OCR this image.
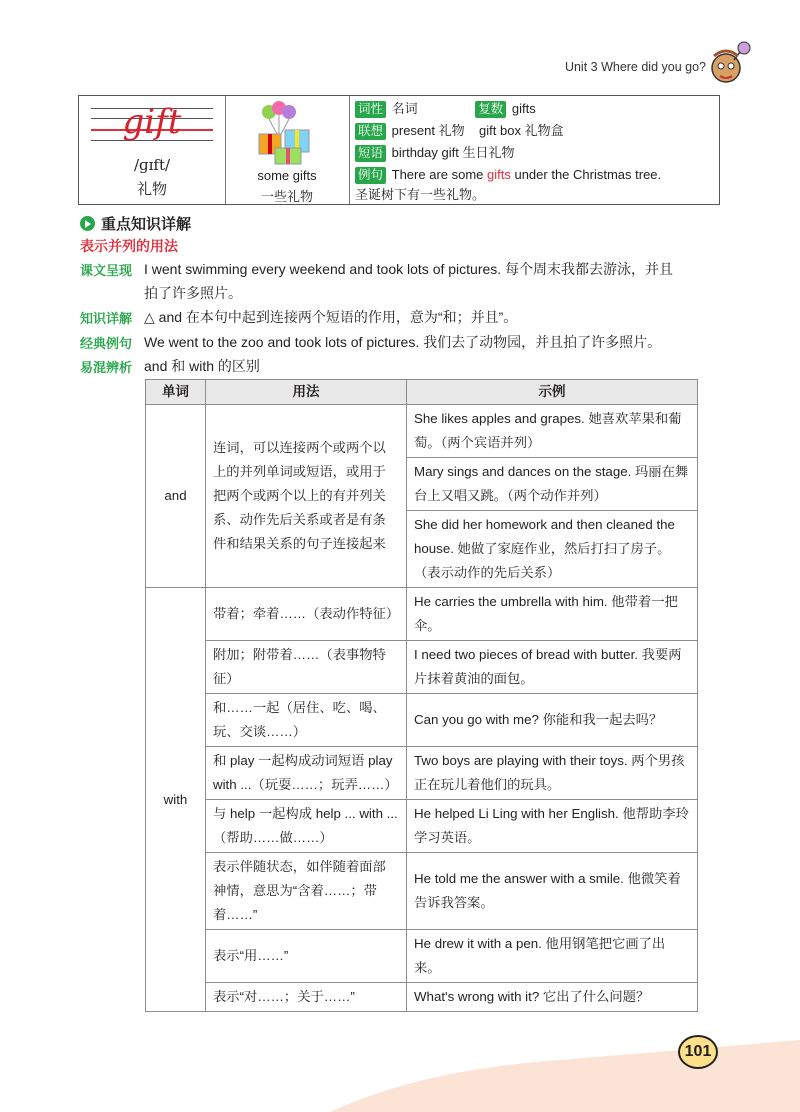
Unit 3 Where did you go?
gift
/ɡɪft/
礼物
some gifts
一些礼物
词性 名词	复数 gifts
联想 present 礼物    gift box 礼物盒
短语 birthday gift 生日礼物
例句 There are some gifts under the Christmas tree.
圣诞树下有一些礼物。
重点知识详解
表示并列的用法
课文呈现 I went swimming every weekend and took lots of pictures. 每个周末我都去游泳，并且
拍了许多照片。
知识详解 △ and 在本句中起到连接两个短语的作用，意为“和；并且”。
经典例句 We went to the zoo and took lots of pictures. 我们去了动物园，并且拍了许多照片。
易混辨析 and 和 with 的区别
单词	用法	示例
and	连词，可以连接两个或两个以上的并列单词或短语，或用于把两个或两个以上的有并列关系、动作先后关系或者是有条件和结果关系的句子连接起来	She likes apples and grapes. 她喜欢苹果和葡萄。（两个宾语并列）
		Mary sings and dances on the stage. 玛丽在舞台上又唱又跳。（两个动作并列）
		She did her homework and then cleaned the house. 她做了家庭作业，然后打扫了房子。（表示动作的先后关系）
with	带着；牵着……（表动作特征）	He carries the umbrella with him. 他带着一把伞。
	附加；附带着……（表事物特征）	I need two pieces of bread with butter. 我要两片抹着黄油的面包。
	和……一起（居住、吃、喝、玩、交谈……）	Can you go with me? 你能和我一起去吗？
	和 play 一起构成动词短语 play with ...（玩耍……；玩弄……）	Two boys are playing with their toys. 两个男孩正在玩儿着他们的玩具。
	与 help 一起构成 help ... with ...（帮助……做……）	He helped Li Ling with her English. 他帮助李玲学习英语。
	表示伴随状态，如伴随着面部神情，意思为“含着……；带着……”	He told me the answer with a smile. 他微笑着告诉我答案。
	表示“用……”	He drew it with a pen. 他用钢笔把它画了出来。
	表示“对……；关于……”	What's wrong with it? 它出了什么问题？
101
